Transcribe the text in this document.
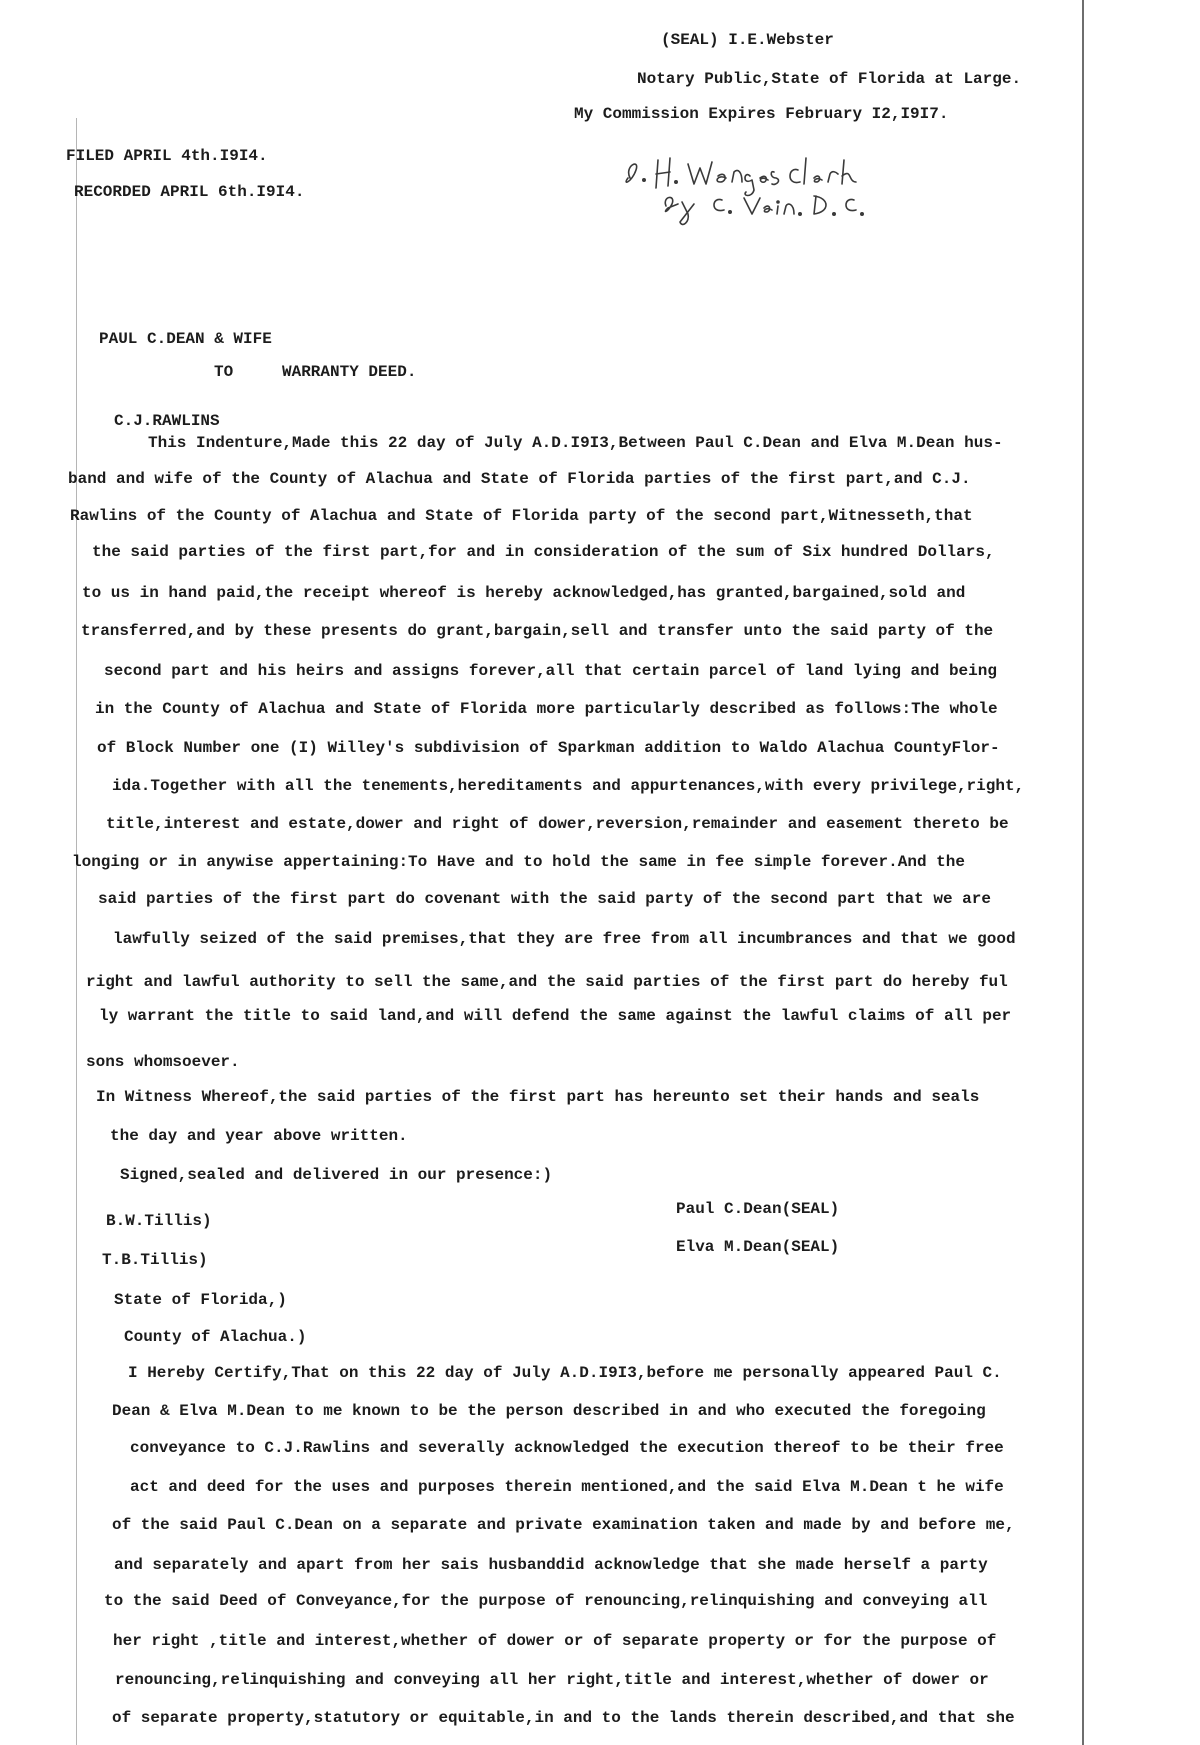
(SEAL) I.E.Webster
Notary Public,State of Florida at Large.
My Commission Expires February I2,I9I7.
FILED APRIL 4th.I9I4.
RECORDED APRIL 6th.I9I4.
PAUL C.DEAN & WIFE
TO	WARRANTY DEED.
C.J.RAWLINS
This Indenture,Made this 22 day of July A.D.I9I3,Between Paul C.Dean and Elva M.Dean hus-
band and wife of the County of Alachua and State of Florida parties of the first part,and C.J.
Rawlins of the County of Alachua and State of Florida party of the second part,Witnesseth,that
the said parties of the first part,for and in consideration of the sum of Six hundred Dollars,
to us in hand paid,the receipt whereof is hereby acknowledged,has granted,bargained,sold and
transferred,and by these presents do grant,bargain,sell and transfer unto the said party of the
second part and his heirs and assigns forever,all that certain parcel of land lying and being
in the County of Alachua and State of Florida more particularly described as follows:The whole
of Block Number one (I) Willey's subdivision of Sparkman addition to Waldo Alachua CountyFlor-
ida.Together with all the tenements,hereditaments and appurtenances,with every privilege,right,
title,interest and estate,dower and right of dower,reversion,remainder and easement thereto be
longing or in anywise appertaining:To Have and to hold the same in fee simple forever.And the
said parties of the first part do covenant with the said party of the second part that we are
lawfully seized of the said premises,that they are free from all incumbrances and that we good
right and lawful authority to sell the same,and the said parties of the first part do hereby ful
ly warrant the title to said land,and will defend the same against the lawful claims of all per
sons whomsoever.
In Witness Whereof,the said parties of the first part has hereunto set their hands and seals
the day and year above written.
Signed,sealed and delivered in our presence:)
B.W.Tillis)
T.B.Tillis)
Paul C.Dean(SEAL)
Elva M.Dean(SEAL)
State of Florida,)
County of Alachua.)
I Hereby Certify,That on this 22 day of July A.D.I9I3,before me personally appeared Paul C.
Dean & Elva M.Dean to me known to be the person described in and who executed the foregoing
conveyance to C.J.Rawlins and severally acknowledged the execution thereof to be their free
act and deed for the uses and purposes therein mentioned,and the said Elva M.Dean t he wife
of the said Paul C.Dean on a separate and private examination taken and made by and before me,
and separately and apart from her sais husbanddid acknowledge that she made herself a party
to the said Deed of Conveyance,for the purpose of renouncing,relinquishing and conveying all
her right ,title and interest,whether of dower or of separate property or for the purpose of
renouncing,relinquishing and conveying all her right,title and interest,whether of dower or
of separate property,statutory or equitable,in and to the lands therein described,and that she
